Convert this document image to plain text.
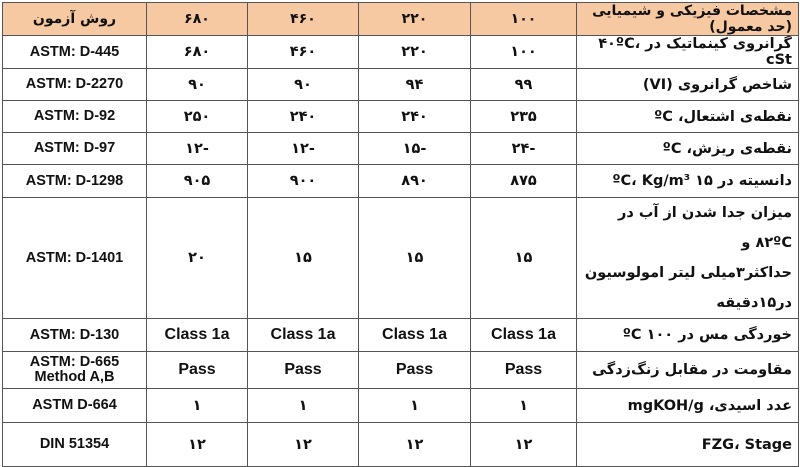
مشخصات فیزیکی و شیمیایی (حد معمول)	۱۰۰	۲۲۰	۴۶۰	۶۸۰	روش آزمون
گرانروی کینماتیک در ۴۰ºC، cSt	۱۰۰	۲۲۰	۴۶۰	۶۸۰	ASTM: D-445
شاخص گرانروی (VI)	۹۹	۹۴	۹۰	۹۰	ASTM: D-2270
نقطه‌ی اشتعال، ºC	۲۳۵	۲۴۰	۲۴۰	۲۵۰	ASTM: D-92
نقطه‌ی ریزش، ºC	-۲۴	-۱۵	-۱۲	-۱۲	ASTM: D-97
دانسیته در ۱۵ ºC، Kg/m³	۸۷۵	۸۹۰	۹۰۰	۹۰۵	ASTM: D-1298

میزان جدا شدن از آب در ۸۲ºC و
حداکثر۳میلی لیتر امولوسیون در۱۵دقیقه	۱۵	۱۵	۱۵	۲۰	ASTM: D-1401
خوردگی مس در ºC ۱۰۰	Class 1a	Class 1a	Class 1a	Class 1a	ASTM: D-130
مقاومت در مقابل زنگ‌زدگی	Pass	Pass	Pass	Pass	ASTM: D-665
Method A,B

عدد اسیدی، mgKOH/g	۱	۱	۱	۱	ASTM D-664
FZG، Stage	۱۲	۱۲	۱۲	۱۲	DIN 51354
